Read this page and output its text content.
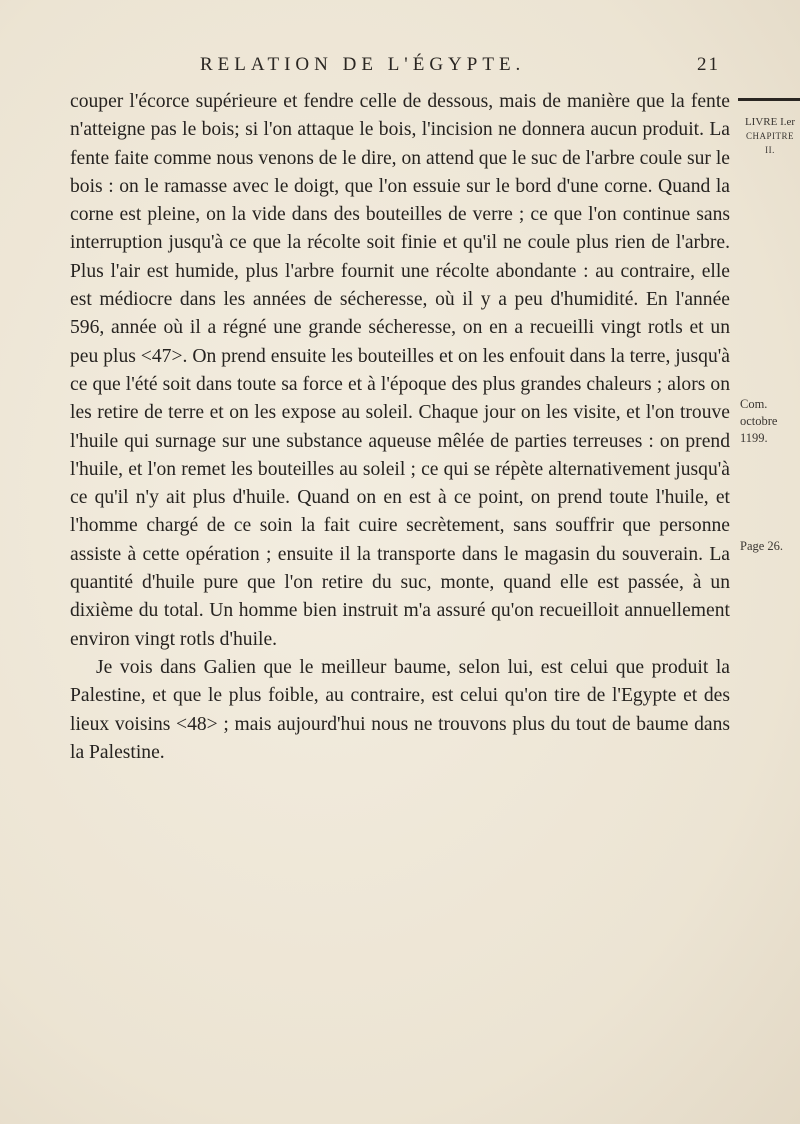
RELATION DE L'ÉGYPTE.	21

couper l'écorce supérieure et fendre celle de dessous, mais de manière que la fente n'atteigne pas le bois; si l'on attaque le bois, l'incision ne donnera aucun produit. La fente faite comme nous venons de le dire, on attend que le suc de l'arbre coule sur le bois : on le ramasse avec le doigt, que l'on essuie sur le bord d'une corne. Quand la corne est pleine, on la vide dans des bouteilles de verre ; ce que l'on continue sans interruption jusqu'à ce que la récolte soit finie et qu'il ne coule plus rien de l'arbre. Plus l'air est humide, plus l'arbre fournit une récolte abondante : au contraire, elle est médiocre dans les années de sécheresse, où il y a peu d'humidité. En l'année 596, année où il a régné une grande sécheresse, on en a recueilli vingt rotls et un peu plus <47>. On prend ensuite les bouteilles et on les enfouit dans la terre, jusqu'à ce que l'été soit dans toute sa force et à l'époque des plus grandes chaleurs ; alors on les retire de terre et on les expose au soleil. Chaque jour on les visite, et l'on trouve l'huile qui surnage sur une substance aqueuse mêlée de parties terreuses : on prend l'huile, et l'on remet les bouteilles au soleil ; ce qui se répète alternativement jusqu'à ce qu'il n'y ait plus d'huile. Quand on en est à ce point, on prend toute l'huile, et l'homme chargé de ce soin la fait cuire secrètement, sans souffrir que personne assiste à cette opération ; ensuite il la transporte dans le magasin du souverain. La quantité d'huile pure que l'on retire du suc, monte, quand elle est passée, à un dixième du total. Un homme bien instruit m'a assuré qu'on recueilloit annuellement environ vingt rotls d'huile.

Je vois dans Galien que le meilleur baume, selon lui, est celui que produit la Palestine, et que le plus foible, au contraire, est celui qu'on tire de l'Egypte et des lieux voisins <48> ; mais aujourd'hui nous ne trouvons plus du tout de baume dans la Palestine.

LIVRE I.er
CHAPITRE II.
Com. octobre
1199.
Page 26.
